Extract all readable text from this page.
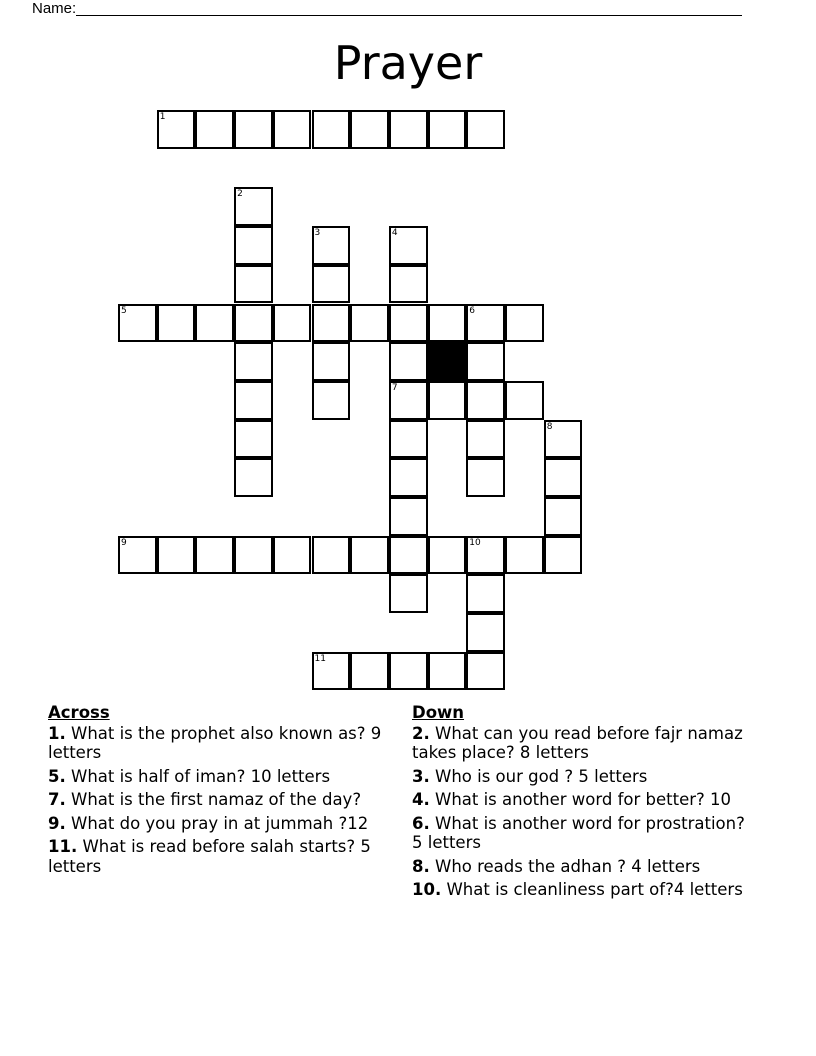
Name:
Prayer
1
2
3	4
7
5	6
8
9	10
11
Across
1. What is the prophet also known as? 9 letters
5. What is half of iman? 10 letters
7. What is the first namaz of the day?
9. What do you pray in at jummah ?12
11. What is read before salah starts? 5 letters
Down
2. What can you read before fajr namaz takes place? 8 letters
3. Who is our god ? 5 letters
4. What is another word for better? 10
6. What is another word for prostration? 5 letters
8. Who reads the adhan ? 4 letters
10. What is cleanliness part of?4 letters
